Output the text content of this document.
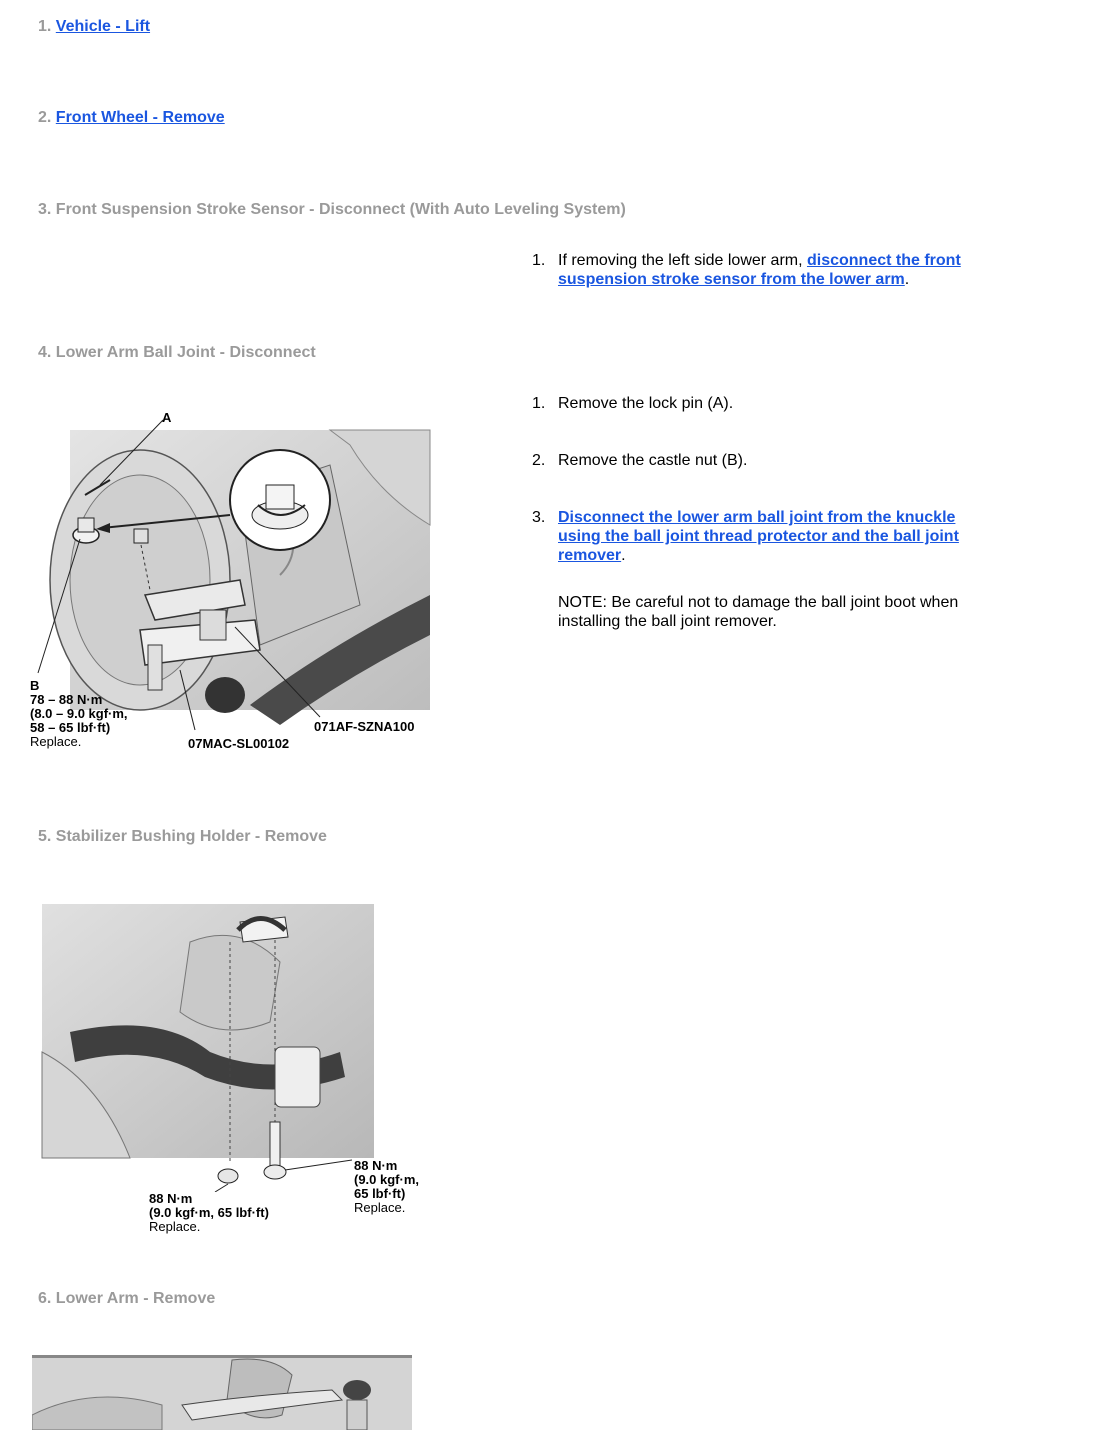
1. Vehicle - Lift
2. Front Wheel - Remove
3. Front Suspension Stroke Sensor - Disconnect (With Auto Leveling System)
1. If removing the left side lower arm, disconnect the front suspension stroke sensor from the lower arm.
4. Lower Arm Ball Joint - Disconnect
1. Remove the lock pin (A).
2. Remove the castle nut (B).
3. Disconnect the lower arm ball joint from the knuckle using the ball joint thread protector and the ball joint remover.
NOTE: Be careful not to damage the ball joint boot when installing the ball joint remover.
A
B
78 – 88 N·m
(8.0 – 9.0 kgf·m,
58 – 65 lbf·ft)
Replace.	07MAC-SL00102
071AF-SZNA100
5. Stabilizer Bushing Holder - Remove
88 N·m
(9.0 kgf·m, 65 lbf·ft)
Replace.
88 N·m
(9.0 kgf·m,
65 lbf·ft)
Replace.
6. Lower Arm - Remove
